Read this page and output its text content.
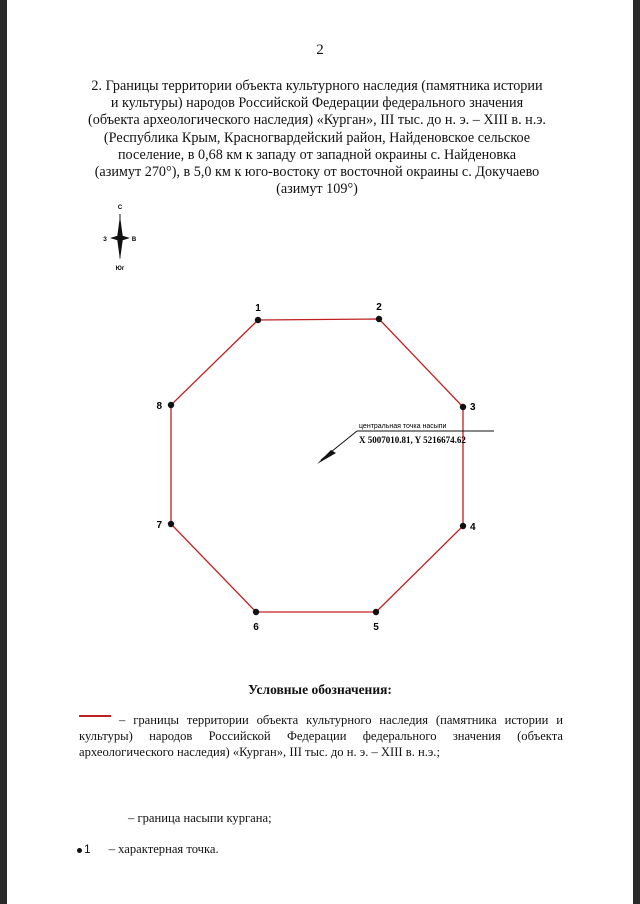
2
2. Границы территории объекта культурного наследия (памятника истории
и культуры) народов Российской Федерации федерального значения
(объекта археологического наследия) «Курган», III тыс. до н. э. – XIII в. н.э.
(Республика Крым, Красногвардейский район, Найденовское сельское
поселение, в 0,68 км к западу от западной окраины с. Найденовка
(азимут 270°), в 5,0 км к юго-востоку от восточной окраины с. Докучаево
(азимут 109°)
С
З	В
Юг
центральная точка насыпи
X 5007010.81, Y 5216674.62
1	2
3
4
5
6
7
8
Условные обозначения:
– границы территории объекта культурного наследия (памятника истории и культуры) народов Российской Федерации федерального значения (объекта археологического наследия) «Курган», III тыс. до н. э. – XIII в. н.э.;
– граница насыпи кургана;
1 – характерная точка.
